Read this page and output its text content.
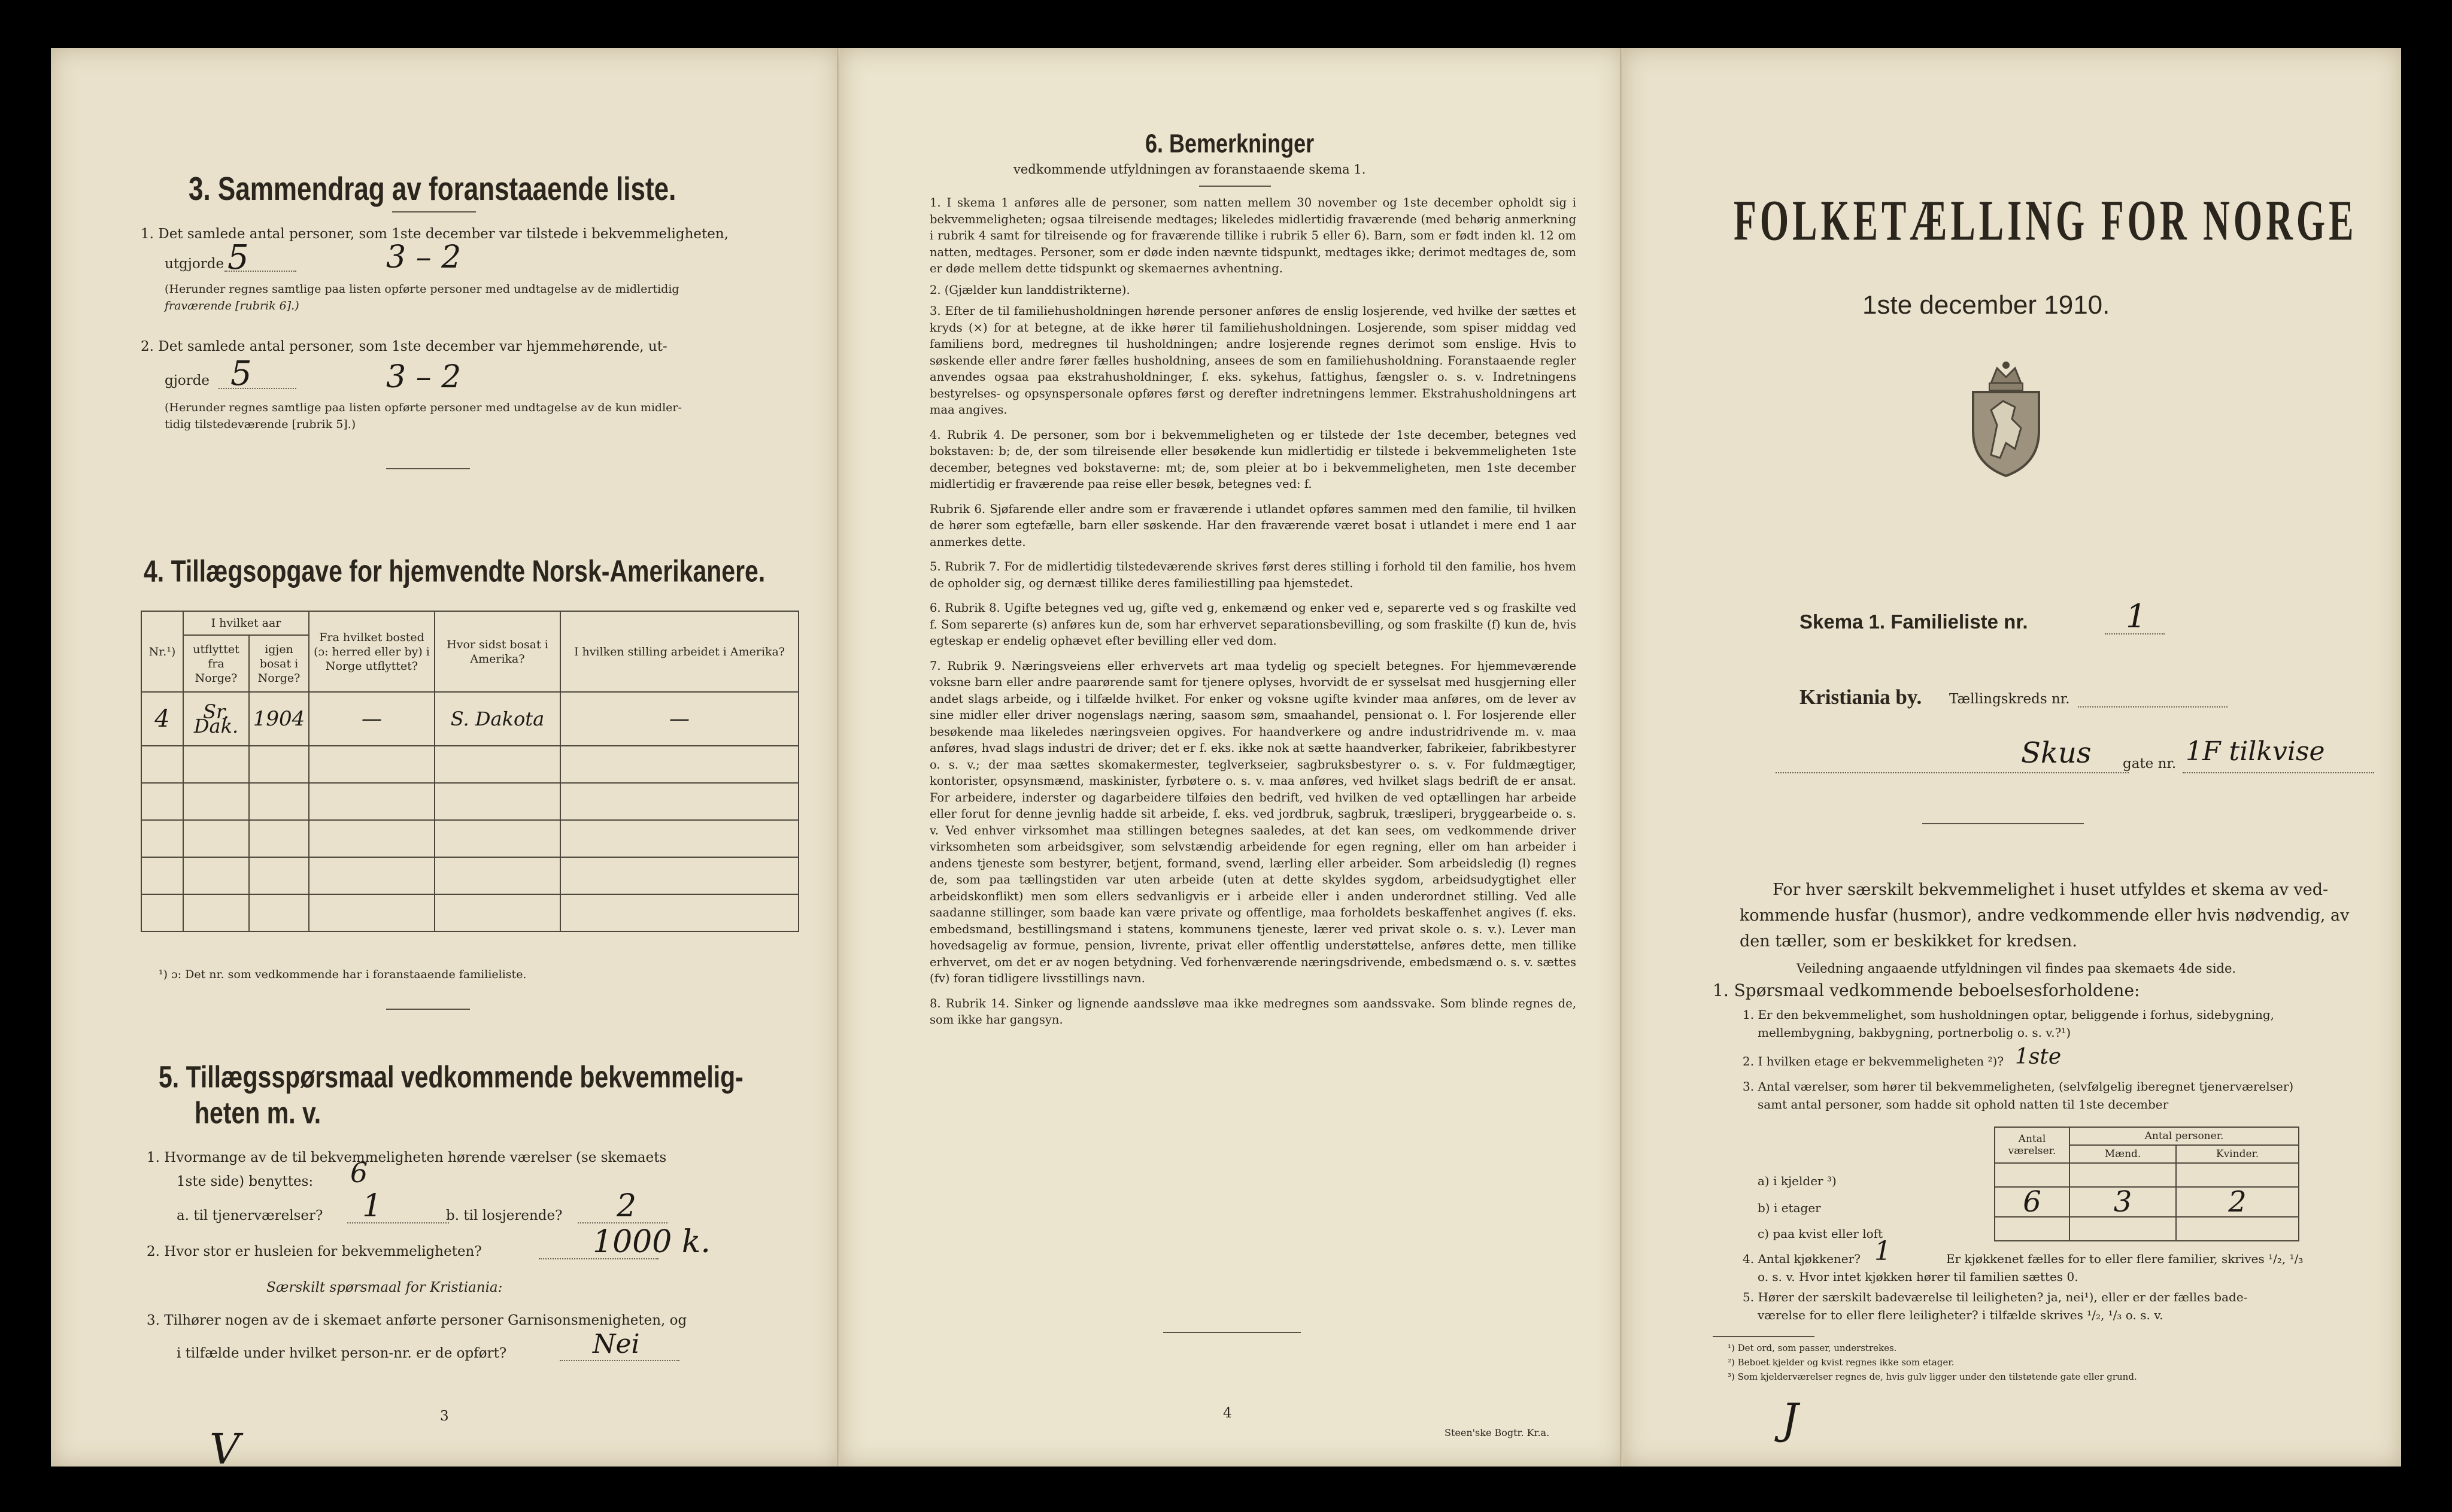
3. Sammendrag av foranstaaende liste.
1. Det samlede antal personer, som 1ste december var tilstede i bekvemmeligheten,
utgjorde 5	3 – 2
(Herunder regnes samtlige paa listen opførte personer med undtagelse av de midlertidig
fraværende [rubrik 6].)
2. Det samlede antal personer, som 1ste december var hjemmehørende, ut-
gjorde 5	3 – 2
(Herunder regnes samtlige paa listen opførte personer med undtagelse av de kun midler-
tidig tilstedeværende [rubrik 5].)
4. Tillægsopgave for hjemvendte Norsk-Amerikanere.
Nr.¹)	I hvilket aar		Fra hvilket bosted (ɔ: herred eller by) i Norge utflyttet?	Hvor sidst bosat i Amerika?	I hvilken stilling arbeidet i Amerika?
	utflyttet fra Norge?	igjen bosat i Norge?			
4	Sr. Dak.	1904	—	S. Dakota	—

¹) ɔ: Det nr. som vedkommende har i foranstaaende familieliste.
5. Tillægsspørsmaal vedkommende bekvemmelig-
heten m. v.
1. Hvormange av de til bekvemmeligheten hørende værelser (se skemaets
1ste side) benyttes: 6
a. til tjenerværelser? 1	b. til losjerende? 2
2. Hvor stor er husleien for bekvemmeligheten?	1000 k.
Særskilt spørsmaal for Kristiania:
3. Tilhører nogen av de i skemaet anførte personer Garnisonsmenigheten, og
i tilfælde under hvilket person-nr. er de opført?	Nei
3
V
6. Bemerkninger
vedkommende utfyldningen av foranstaaende skema 1.

1. I skema 1 anføres alle de personer, som natten mellem 30 november og 1ste december opholdt sig i bekvemmeligheten; ogsaa tilreisende medtages; likeledes midlertidig fraværende (med behørig anmerkning i rubrik 4 samt for tilreisende og for fraværende tillike i rubrik 5 eller 6). Barn, som er født inden kl. 12 om natten, medtages. Personer, som er døde inden nævnte tidspunkt, medtages ikke; derimot medtages de, som er døde mellem dette tidspunkt og skemaernes avhentning.

2. (Gjælder kun landdistrikterne).

3. Efter de til familiehusholdningen hørende personer anføres de enslig losjerende, ved hvilke der sættes et kryds (×) for at betegne, at de ikke hører til familiehusholdningen. Losjerende, som spiser middag ved familiens bord, medregnes til husholdningen; andre losjerende regnes derimot som enslige. Hvis to søskende eller andre fører fælles husholdning, ansees de som en familiehusholdning. Foranstaaende regler anvendes ogsaa paa ekstrahusholdninger, f. eks. sykehus, fattighus, fængsler o. s. v. Indretningens bestyrelses- og opsynspersonale opføres først og derefter indretningens lemmer. Ekstrahusholdningens art maa angives.

4. Rubrik 4. De personer, som bor i bekvemmeligheten og er tilstede der 1ste december, betegnes ved bokstaven: b; de, der som tilreisende eller besøkende kun midlertidig er tilstede i bekvemmeligheten 1ste december, betegnes ved bokstaverne: mt; de, som pleier at bo i bekvemmeligheten, men 1ste december midlertidig er fraværende paa reise eller besøk, betegnes ved: f.

Rubrik 6. Sjøfarende eller andre som er fraværende i utlandet opføres sammen med den familie, til hvilken de hører som egtefælle, barn eller søskende. Har den fraværende været bosat i utlandet i mere end 1 aar anmerkes dette.

5. Rubrik 7. For de midlertidig tilstedeværende skrives først deres stilling i forhold til den familie, hos hvem de opholder sig, og dernæst tillike deres familiestilling paa hjemstedet.

6. Rubrik 8. Ugifte betegnes ved ug, gifte ved g, enkemænd og enker ved e, separerte ved s og fraskilte ved f. Som separerte (s) anføres kun de, som har erhvervet separationsbevilling, og som fraskilte (f) kun de, hvis egteskap er endelig ophævet efter bevilling eller ved dom.

7. Rubrik 9. Næringsveiens eller erhvervets art maa tydelig og specielt betegnes. For hjemmeværende voksne barn eller andre paarørende samt for tjenere oplyses, hvorvidt de er sysselsat med husgjerning eller andet slags arbeide, og i tilfælde hvilket. For enker og voksne ugifte kvinder maa anføres, om de lever av sine midler eller driver nogenslags næring, saasom søm, smaahandel, pensionat o. l. For losjerende eller besøkende maa likeledes næringsveien opgives. For haandverkere og andre industridrivende m. v. maa anføres, hvad slags industri de driver; det er f. eks. ikke nok at sætte haandverker, fabrikeier, fabrikbestyrer o. s. v.; der maa sættes skomakermester, teglverkseier, sagbruksbestyrer o. s. v. For fuldmægtiger, kontorister, opsynsmænd, maskinister, fyrbøtere o. s. v. maa anføres, ved hvilket slags bedrift de er ansat. For arbeidere, inderster og dagarbeidere tilføies den bedrift, ved hvilken de ved optællingen har arbeide eller forut for denne jevnlig hadde sit arbeide, f. eks. ved jordbruk, sagbruk, træsliperi, bryggearbeide o. s. v. Ved enhver virksomhet maa stillingen betegnes saaledes, at det kan sees, om vedkommende driver virksomheten som arbeidsgiver, som selvstændig arbeidende for egen regning, eller om han arbeider i andens tjeneste som bestyrer, betjent, formand, svend, lærling eller arbeider. Som arbeidsledig (l) regnes de, som paa tællingstiden var uten arbeide (uten at dette skyldes sygdom, arbeidsudygtighet eller arbeidskonflikt) men som ellers sedvanligvis er i arbeide eller i anden underordnet stilling. Ved alle saadanne stillinger, som baade kan være private og offentlige, maa forholdets beskaffenhet angives (f. eks. embedsmand, bestillingsmand i statens, kommunens tjeneste, lærer ved privat skole o. s. v.). Lever man hovedsagelig av formue, pension, livrente, privat eller offentlig understøttelse, anføres dette, men tillike erhvervet, om det er av nogen betydning. Ved forhenværende næringsdrivende, embedsmænd o. s. v. sættes (fv) foran tidligere livsstillings navn.

8. Rubrik 14. Sinker og lignende aandssløve maa ikke medregnes som aandssvake. Som blinde regnes de, som ikke har gangsyn.

4
Steen'ske Bogtr. Kr.a.
FOLKETÆLLING FOR NORGE
1ste december 1910.
Skema 1. Familieliste nr.	1
Kristiania by. Tællingskreds nr.
Skus gate nr. 1F tilkvise
For hver særskilt bekvemmelighet i huset utfyldes et skema av ved-
kommende husfar (husmor), andre vedkommende eller hvis nødvendig, av
den tæller, som er beskikket for kredsen.
Veiledning angaaende utfyldningen vil findes paa skemaets 4de side.
1. Spørsmaal vedkommende beboelsesforholdene:
1. Er den bekvemmelighet, som husholdningen optar, beliggende i forhus, sidebygning,
mellembygning, bakbygning, portnerbolig o. s. v.?¹)
2. I hvilken etage er bekvemmeligheten ²)? 1ste
3. Antal værelser, som hører til bekvemmeligheten, (selvfølgelig iberegnet tjenerværelser)
samt antal personer, som hadde sit ophold natten til 1ste december
a) i kjelder ³)
b) i etager
c) paa kvist eller loft
Antal værelser.	Antal personer.	
	Mænd.	Kvinder.

6	3	2

4. Antal kjøkkener? 1	Er kjøkkenet fælles for to eller flere familier, skrives ¹/₂, ¹/₃
o. s. v. Hvor intet kjøkken hører til familien sættes 0.
5. Hører der særskilt badeværelse til leiligheten? ja, nei¹), eller er der fælles bade-
værelse for to eller flere leiligheter? i tilfælde skrives ¹/₂, ¹/₃ o. s. v.
¹) Det ord, som passer, understrekes.
²) Beboet kjelder og kvist regnes ikke som etager.
³) Som kjelderværelser regnes de, hvis gulv ligger under den tilstøtende gate eller grund.
J
